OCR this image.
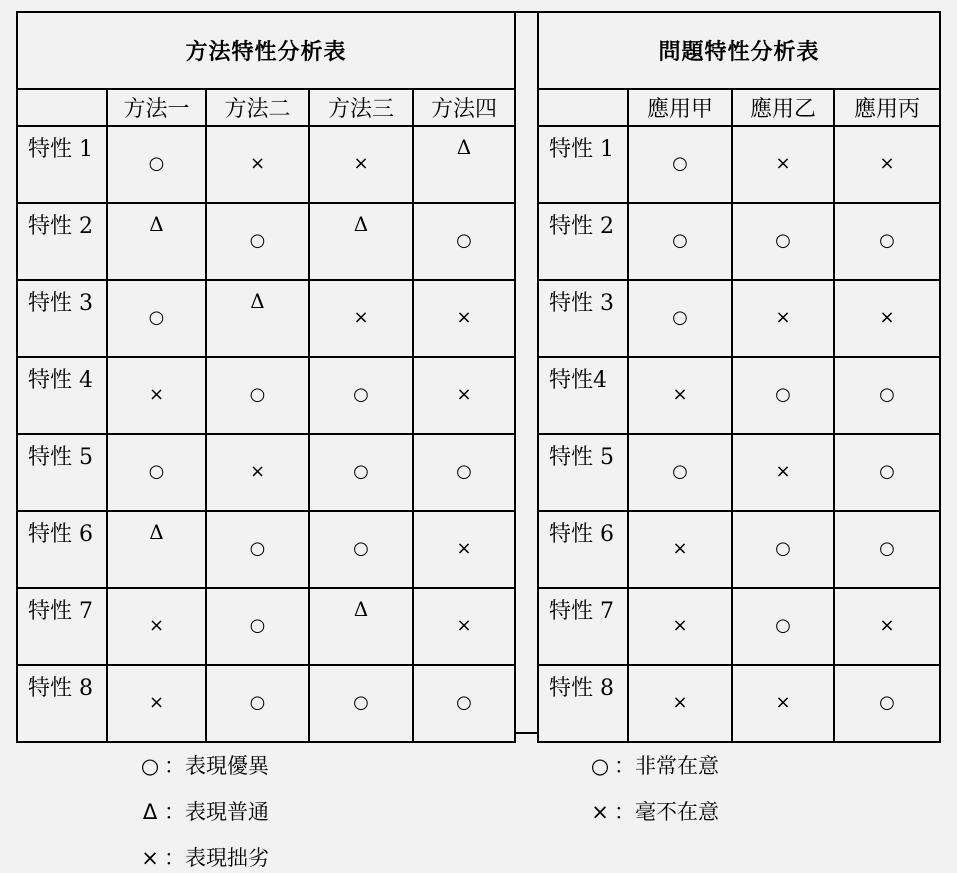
方法特性分析表				
	方法一	方法二	方法三	方法四
特性 1	○	×	×	Δ

特性 2	Δ	○	Δ	○

特性 3	○	Δ	×	×

特性 4	×	○	○	×

特性 5	○	×	○	○

特性 6	Δ	○	○	×

特性 7	×	○	Δ	×

特性 8	×	○	○	○
問題特性分析表			
	應用甲	應用乙	應用丙
特性 1	○	×	×

特性 2	○	○	○

特性 3	○	×	×

特性4	×	○	○

特性 5	○	×	○

特性 6	×	○	○

特性 7	×	○	×

特性 8	×	×	○
○ ：表現優異
Δ ：表現普通
× ：表現拙劣
○ ：非常在意
× ：毫不在意
